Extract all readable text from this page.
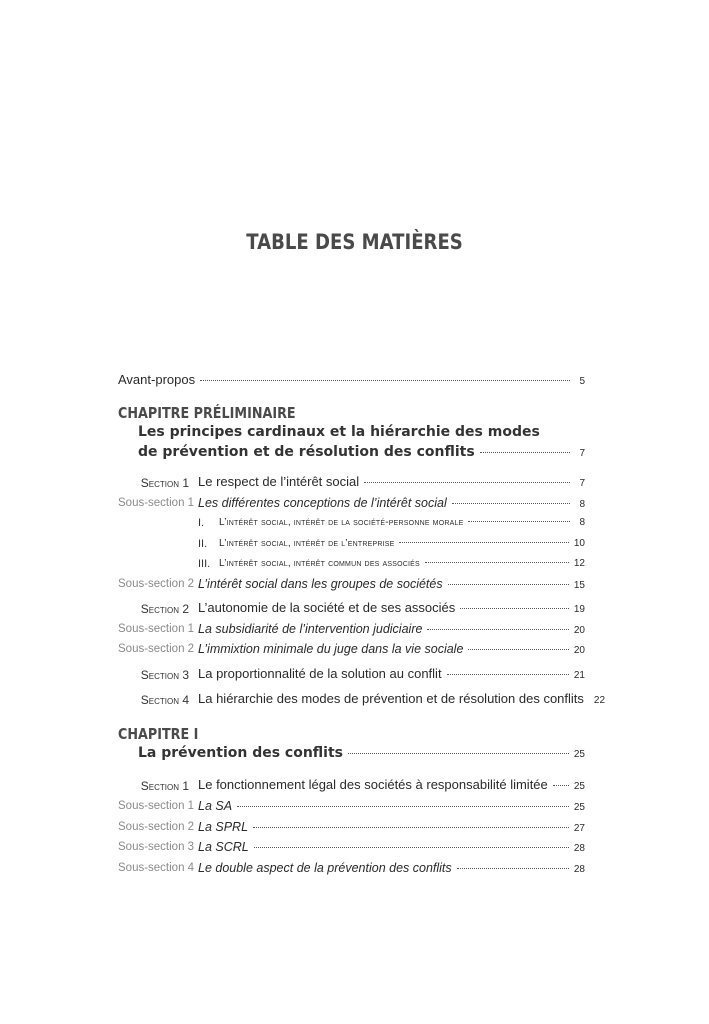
TABLE DES MATIÈRES
Avant-propos	5
CHAPITRE PRÉLIMINAIRE
Les principes cardinaux et la hiérarchie des modes
de prévention et de résolution des conflits	7
Section 1 Le respect de l’intérêt social	7
Sous-section 1 Les différentes conceptions de l’intérêt social	8
I. L’intérêt social, intérêt de la société-personne morale	8
II. L’intérêt social, intérêt de l’entreprise	10
III. L’intérêt social, intérêt commun des associés	12
Sous-section 2 L’intérêt social dans les groupes de sociétés	15
Section 2 L’autonomie de la société et de ses associés	19
Sous-section 1 La subsidiarité de l’intervention judiciaire	20
Sous-section 2 L’immixtion minimale du juge dans la vie sociale	20
Section 3 La proportionnalité de la solution au conflit	21
Section 4 La hiérarchie des modes de prévention et de résolution des conflits 22
CHAPITRE I
La prévention des conflits	25
Section 1 Le fonctionnement légal des sociétés à responsabilité limitée	25
Sous-section 1 La SA	25
Sous-section 2 La SPRL	27
Sous-section 3 La SCRL	28
Sous-section 4 Le double aspect de la prévention des conflits	28
